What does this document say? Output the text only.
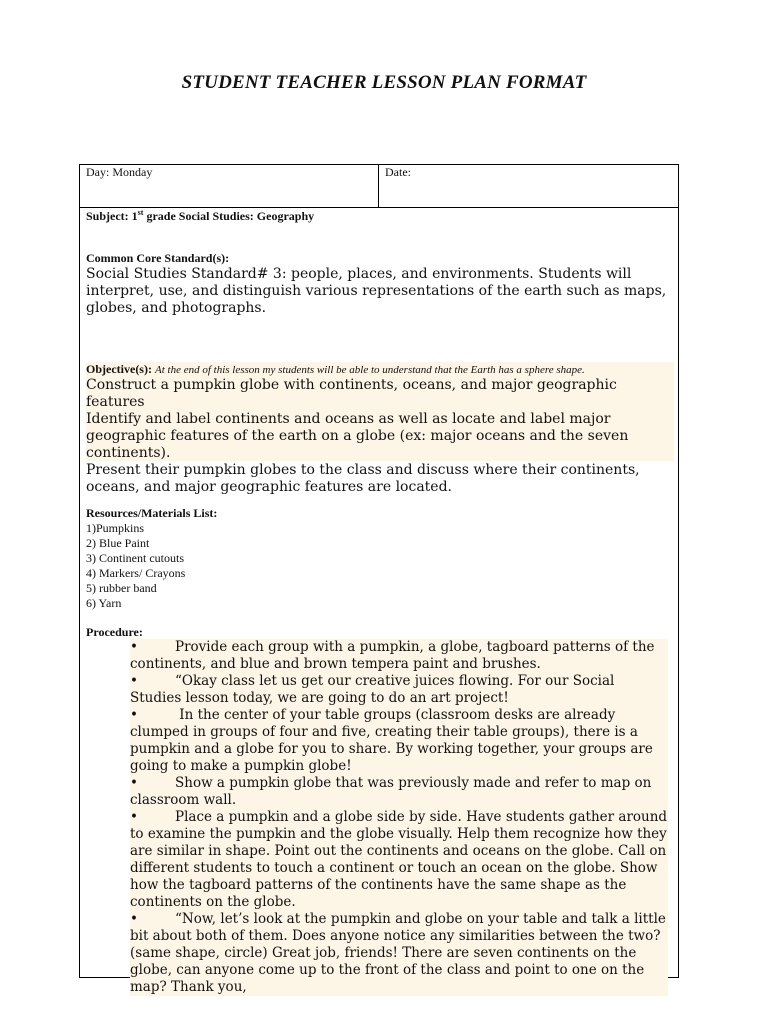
STUDENT TEACHER LESSON PLAN FORMAT
Day: Monday	Date:
Subject: 1st grade Social Studies: Geography
Common Core Standard(s):
Social Studies Standard# 3: people, places, and environments. Students will interpret, use, and distinguish various representations of the earth such as maps, globes, and photographs.
Objective(s): At the end of this lesson my students will be able to understand that the Earth has a sphere shape.
Construct a pumpkin globe with continents, oceans, and major geographic features
Identify and label continents and oceans as well as locate and label major geographic features of the earth on a globe (ex: major oceans and the seven continents).
Present their pumpkin globes to the class and discuss where their continents, oceans, and major geographic features are located.
Resources/Materials List:
1)Pumpkins
2) Blue Paint
3) Continent cutouts
4) Markers/ Crayons
5) rubber band
6) Yarn
Procedure:

•	Provide each group with a pumpkin, a globe, tagboard patterns of the continents, and blue and brown tempera paint and brushes.

•	“Okay class let us get our creative juices flowing. For our Social Studies lesson today, we are going to do an art project!

•	In the center of your table groups (classroom desks are already clumped in groups of four and five, creating their table groups), there is a pumpkin and a globe for you to share. By working together, your groups are going to make a pumpkin globe!

•	Show a pumpkin globe that was previously made and refer to map on classroom wall.

•	Place a pumpkin and a globe side by side. Have students gather around to examine the pumpkin and the globe visually. Help them recognize how they are similar in shape. Point out the continents and oceans on the globe. Call on different students to touch a continent or touch an ocean on the globe. Show how the tagboard patterns of the continents have the same shape as the continents on the globe.

•	“Now, let’s look at the pumpkin and globe on your table and talk a little bit about both of them. Does anyone notice any similarities between the two? (same shape, circle) Great job, friends! There are seven continents on the globe, can anyone come up to the front of the class and point to one on the map? Thank you,
